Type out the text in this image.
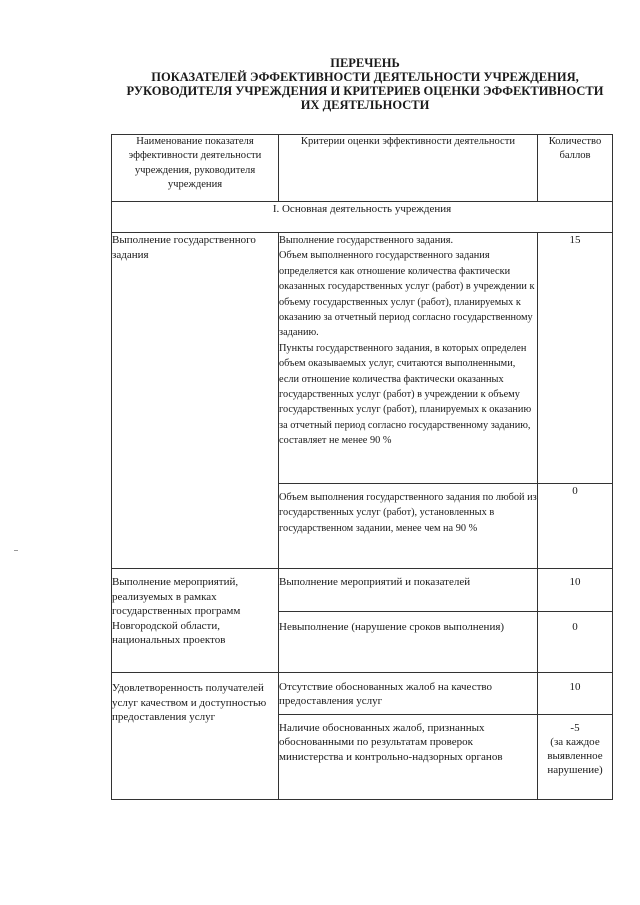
ПЕРЕЧЕНЬ
ПОКАЗАТЕЛЕЙ ЭФФЕКТИВНОСТИ ДЕЯТЕЛЬНОСТИ УЧРЕЖДЕНИЯ,
РУКОВОДИТЕЛЯ УЧРЕЖДЕНИЯ И КРИТЕРИЕВ ОЦЕНКИ ЭФФЕКТИВНОСТИ
ИХ ДЕЯТЕЛЬНОСТИ
Наименование показателя эффективности деятельности учреждения, руководителя учреждения	Критерии оценки эффективности деятельности	Количество баллов

I. Основная деятельность учреждения		

Выполнение государственного задания	Выполнение государственного задания.
Объем выполненного государственного задания определяется как отношение количества фактически оказанных государственных услуг (работ) в учреждении к объему государственных услуг (работ), планируемых к оказанию за отчетный период согласно государственному заданию.
Пункты государственного задания, в которых определен объем оказываемых услуг, считаются выполненными, если отношение количества фактически оказанных государственных услуг (работ) в учреждении к объему государственных услуг (работ), планируемых к оказанию за отчетный период согласно государственному заданию, составляет не менее 90 %	15

	Объем выполнения государственного задания по любой из государственных услуг (работ), установленных в государственном задании, менее чем на 90 %	0

Выполнение мероприятий, реализуемых в рамках государственных программ Новгородской области, национальных проектов	Выполнение мероприятий и показателей	10

	Невыполнение (нарушение сроков выполнения)	0

Удовлетворенность получателей услуг качеством и доступностью предоставления услуг	Отсутствие обоснованных жалоб на качество предоставления услуг	10

	Наличие обоснованных жалоб, признанных обоснованными по результатам проверок министерства и контрольно-надзорных органов	-5
(за каждое выявленное нарушение)
